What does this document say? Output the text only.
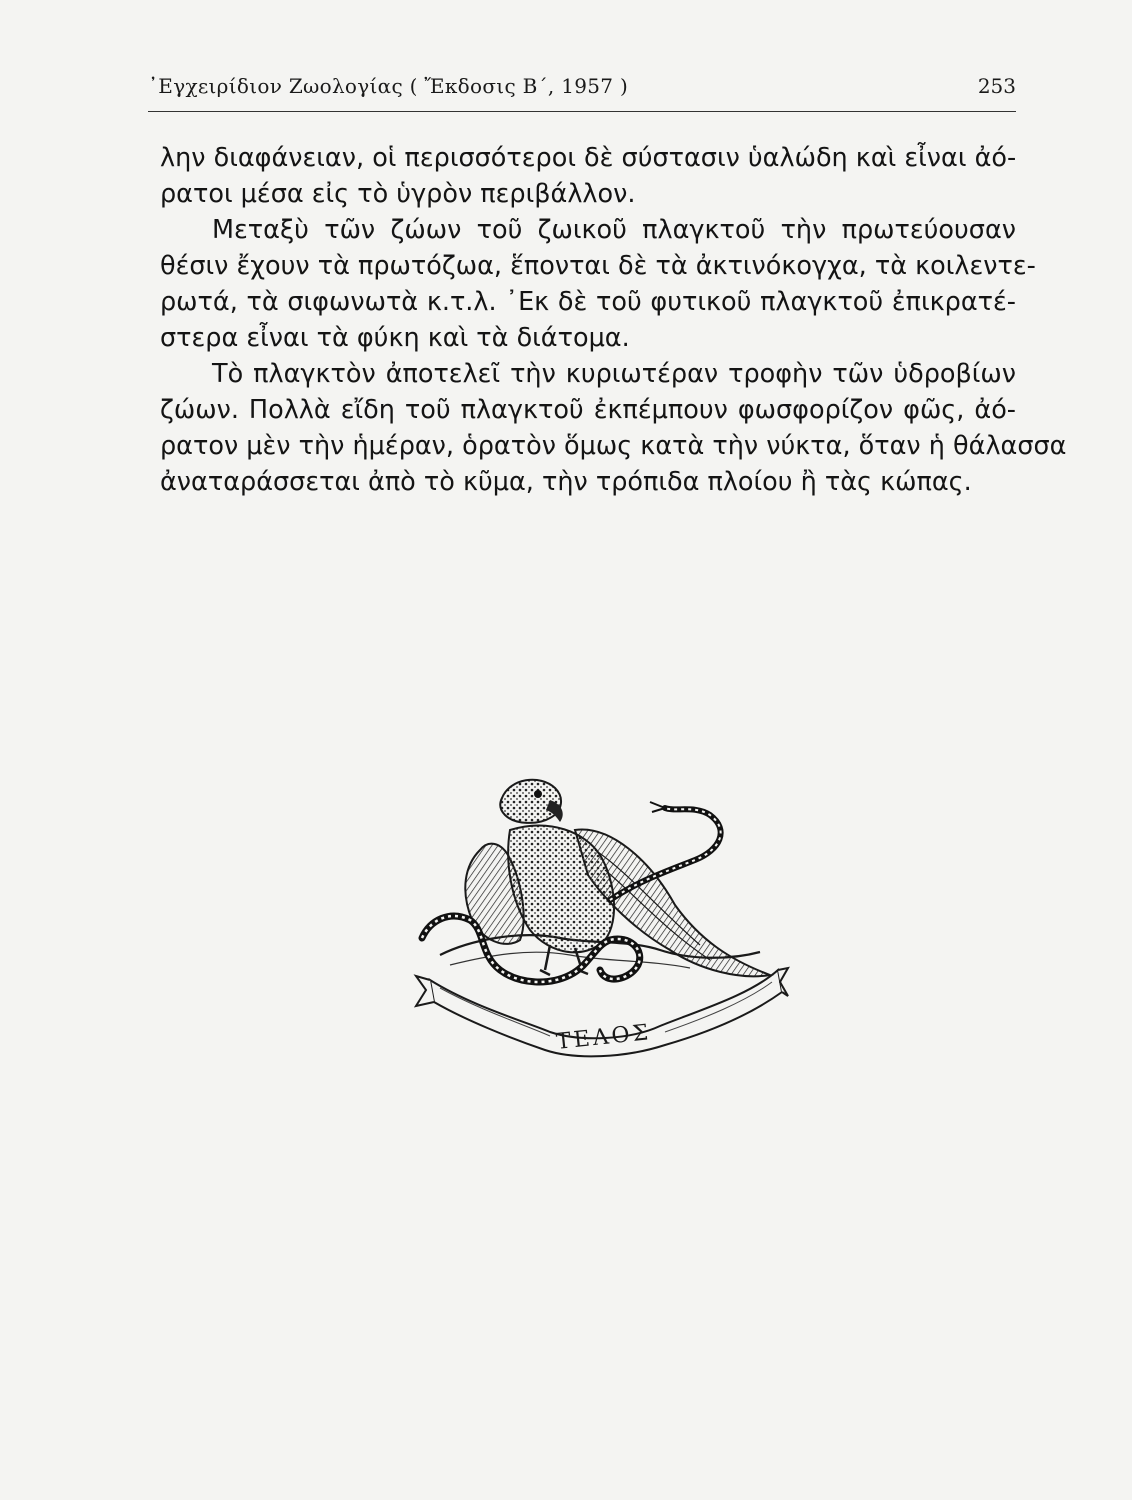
᾿Εγχειρίδιον Ζωολογίας ( Ἔκδοσις Β΄, 1957 )	253
λην διαφάνειαν, οἱ περισσότεροι δὲ σύστασιν ὑαλώδη καὶ εἶναι ἀό-
ρατοι μέσα εἰς τὸ ὑγρὸν περιβάλλον.
Μεταξὺ τῶν ζώων τοῦ ζωικοῦ πλαγκτοῦ τὴν πρωτεύουσαν
θέσιν ἔχουν τὰ πρωτόζωα, ἕπονται δὲ τὰ ἀκτινόκογχα, τὰ κοιλεντε-
ρωτά, τὰ σιφωνωτὰ κ.τ.λ. ᾿Εκ δὲ τοῦ φυτικοῦ πλαγκτοῦ ἐπικρατέ-
στερα εἶναι τὰ φύκη καὶ τὰ διάτομα.
Τὸ πλαγκτὸν ἀποτελεῖ τὴν κυριωτέραν τροφὴν τῶν ὑδροβίων
ζώων. Πολλὰ εἴδη τοῦ πλαγκτοῦ ἐκπέμπουν φωσφορίζον φῶς, ἀό-
ρατον μὲν τὴν ἡμέραν, ὁρατὸν ὅμως κατὰ τὴν νύκτα, ὅταν ἡ θάλασσα
ἀναταράσσεται ἀπὸ τὸ κῦμα, τὴν τρόπιδα πλοίου ἢ τὰς κώπας.
ΤΕΛΟΣ
